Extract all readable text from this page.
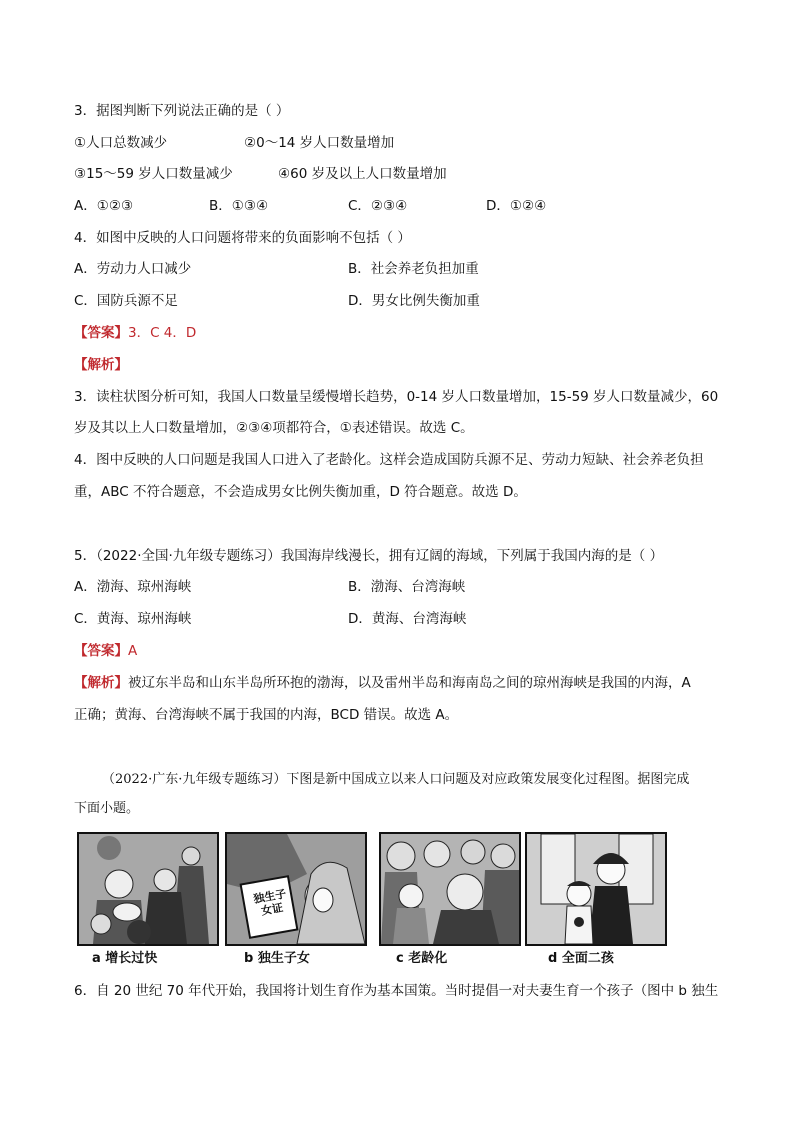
3．据图判断下列说法正确的是（ ）
①人口总数减少	②0～14 岁人口数量增加
③15～59 岁人口数量减少	④60 岁及以上人口数量增加
A．①②③	B．①③④	C．②③④	D．①②④
4．如图中反映的人口问题将带来的负面影响不包括（ ）
A．劳动力人口减少	B．社会养老负担加重
C．国防兵源不足	D．男女比例失衡加重
【答案】3．C 4．D
【解析】
3．读柱状图分析可知，我国人口数量呈缓慢增长趋势，0-14 岁人口数量增加，15-59 岁人口数量减少，60
岁及其以上人口数量增加，②③④项都符合，①表述错误。故选 C。
4．图中反映的人口问题是我国人口进入了老龄化。这样会造成国防兵源不足、劳动力短缺、社会养老负担
重，ABC 不符合题意，不会造成男女比例失衡加重，D 符合题意。故选 D。
5．（2022·全国·九年级专题练习）我国海岸线漫长，拥有辽阔的海域，下列属于我国内海的是（ ）
A．渤海、琼州海峡	B．渤海、台湾海峡
C．黄海、琼州海峡	D．黄海、台湾海峡
【答案】A
【解析】被辽东半岛和山东半岛所环抱的渤海，以及雷州半岛和海南岛之间的琼州海峡是我国的内海，A
正确；黄海、台湾海峡不属于我国的内海，BCD 错误。故选 A。
（2022·广东·九年级专题练习）下图是新中国成立以来人口问题及对应政策发展变化过程图。据图完成
下面小题。
独生子女证
a 增长过快	b 独生子女	c 老龄化	d 全面二孩
6．自 20 世纪 70 年代开始，我国将计划生育作为基本国策。当时提倡一对夫妻生育一个孩子（图中 b 独生
